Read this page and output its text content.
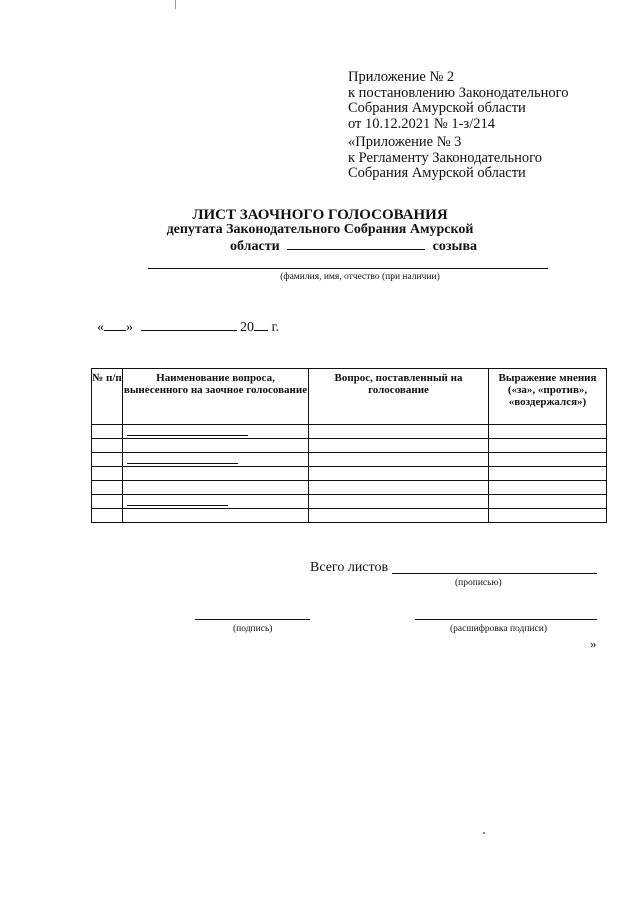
Приложение № 2
к постановлению Законодательного
Собрания Амурской области
от 10.12.2021 № 1-з/214
«Приложение № 3
к Регламенту Законодательного
Собрания Амурской области
ЛИСТ ЗАОЧНОГО ГОЛОСОВАНИЯ
депутата Законодательного Собрания Амурской
области	созыва
(фамилия, имя, отчество (при наличии)
« »	20 г.
№ п/п	Наименование вопроса, вынесенного на заочное голосование	Вопрос, поставленный на голосование	Выражение мнения («за», «против», «воздержался»)

Всего листов
(прописью)
(подпись)	(расшифровка подписи)
»
